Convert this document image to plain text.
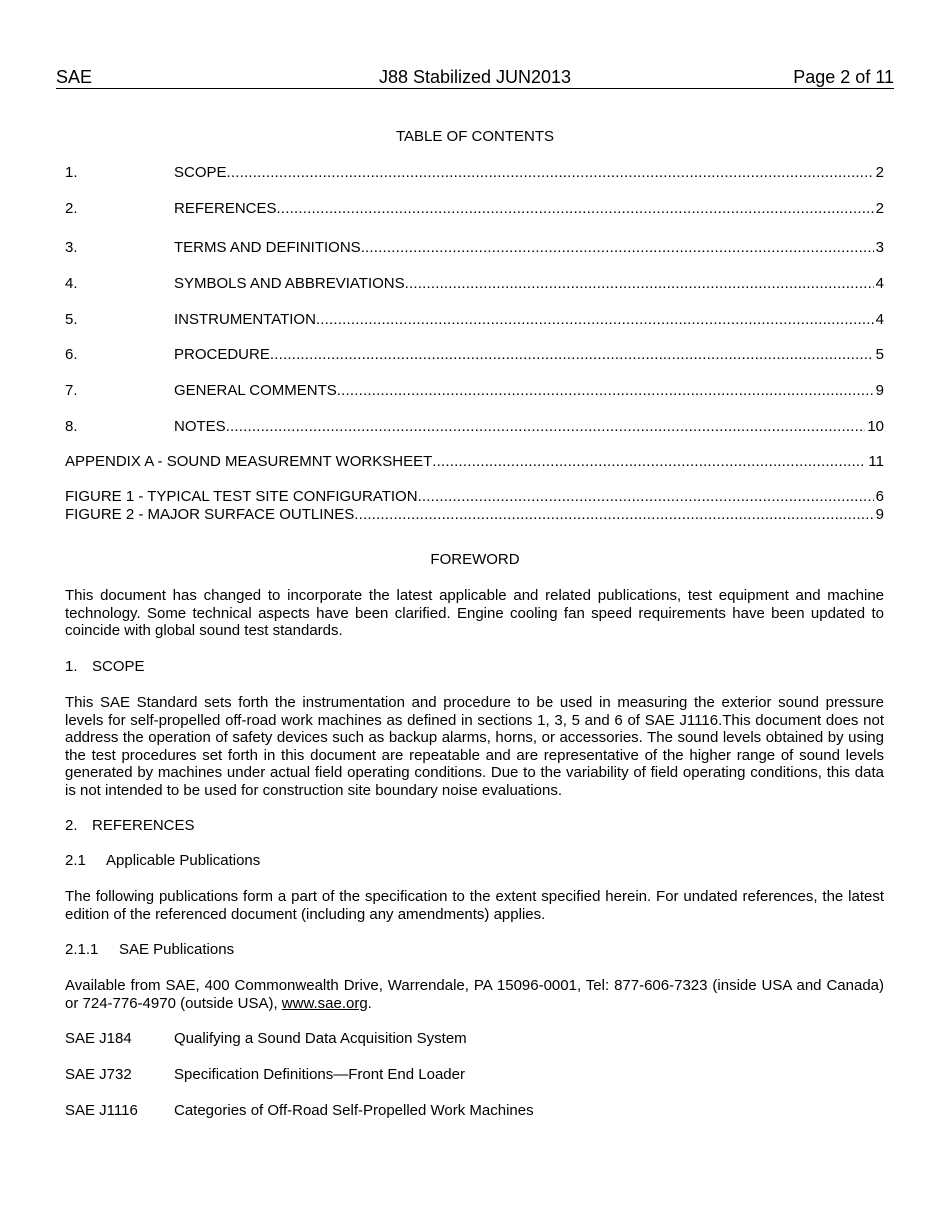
SAE	J88 Stabilized JUN2013	Page 2 of 11
TABLE OF CONTENTS
1.	SCOPE .....	2
2.	REFERENCES .....	2
3.	TERMS AND DEFINITIONS .....	3
4.	SYMBOLS AND ABBREVIATIONS .....	4
5.	INSTRUMENTATION .....	4
6.	PROCEDURE .....	5
7.	GENERAL COMMENTS .....	9
8.	NOTES .....	10
APPENDIX A - SOUND MEASUREMNT WORKSHEET .....	11
FIGURE 1 - TYPICAL TEST SITE CONFIGURATION .....	6
FIGURE 2 - MAJOR SURFACE OUTLINES .....	9
FOREWORD

This document has changed to incorporate the latest applicable and related publications, test equipment and machine technology. Some technical aspects have been clarified. Engine cooling fan speed requirements have been updated to coincide with global sound test standards.

1. SCOPE

This SAE Standard sets forth the instrumentation and procedure to be used in measuring the exterior sound pressure levels for self-propelled off-road work machines as defined in sections 1, 3, 5 and 6 of SAE J1116.This document does not address the operation of safety devices such as backup alarms, horns, or accessories. The sound levels obtained by using the test procedures set forth in this document are repeatable and are representative of the higher range of sound levels generated by machines under actual field operating conditions. Due to the variability of field operating conditions, this data is not intended to be used for construction site boundary noise evaluations.

2. REFERENCES
2.1 Applicable Publications

The following publications form a part of the specification to the extent specified herein. For undated references, the latest edition of the referenced document (including any amendments) applies.

2.1.1 SAE Publications

Available from SAE, 400 Commonwealth Drive, Warrendale, PA 15096-0001, Tel: 877-606-7323 (inside USA and Canada) or 724-776-4970 (outside USA), www.sae.org.

SAE J184	Qualifying a Sound Data Acquisition System
SAE J732	Specification Definitions—Front End Loader
SAE J1116 Categories of Off-Road Self-Propelled Work Machines
